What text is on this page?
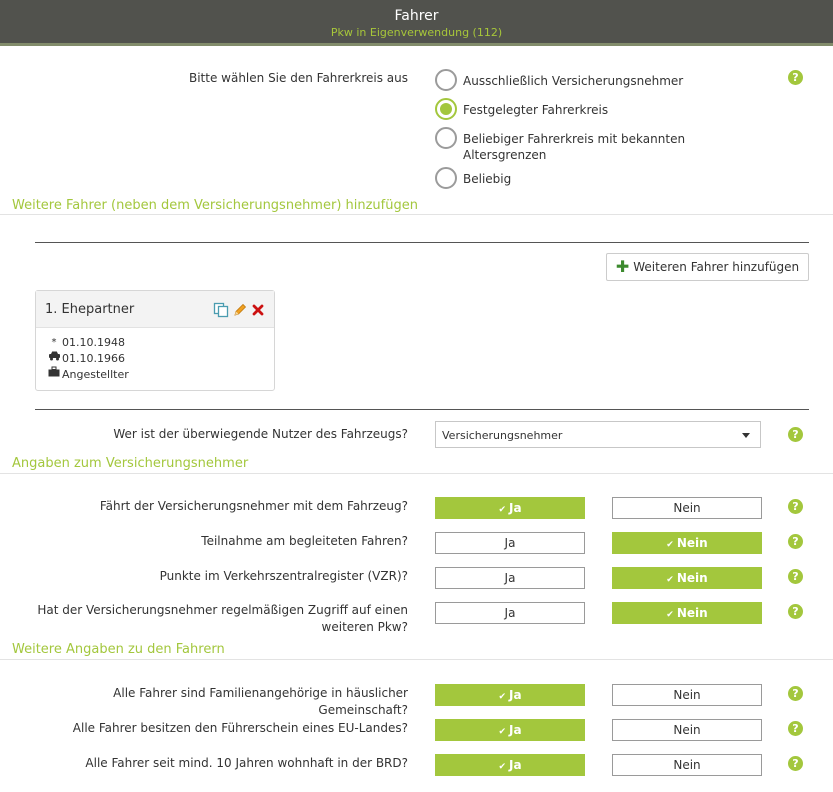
Fahrer
Pkw in Eigenverwendung (112)
Bitte wählen Sie den Fahrerkreis aus	Ausschließlich Versicherungsnehmer
Festgelegter Fahrerkreis
Beliebiger Fahrerkreis mit bekannten Altersgrenzen
Beliebig
?
Weitere Fahrer (neben dem Versicherungsnehmer) hinzufügen
✚ Weiteren Fahrer hinzufügen
1. Ehepartner
* 01.10.1948
01.10.1966
Angestellter
Wer ist der überwiegende Nutzer des Fahrzeugs?	Versicherungsnehmer	?
Angaben zum Versicherungsnehmer
Fährt der Versicherungsnehmer mit dem Fahrzeug?	✔ Ja	Nein	?
Teilnahme am begleiteten Fahren?	Ja	✔ Nein	?
Punkte im Verkehrszentralregister (VZR)?	Ja	✔ Nein	?
Hat der Versicherungsnehmer regelmäßigen Zugriff auf einen weiteren Pkw?
Ja	✔ Nein	?
Weitere Angaben zu den Fahrern
Alle Fahrer sind Familienangehörige in häuslicher Gemeinschaft?
✔ Ja	Nein	?
Alle Fahrer besitzen den Führerschein eines EU-Landes?	✔ Ja	Nein	?
Alle Fahrer seit mind. 10 Jahren wohnhaft in der BRD?	✔ Ja	Nein	?
